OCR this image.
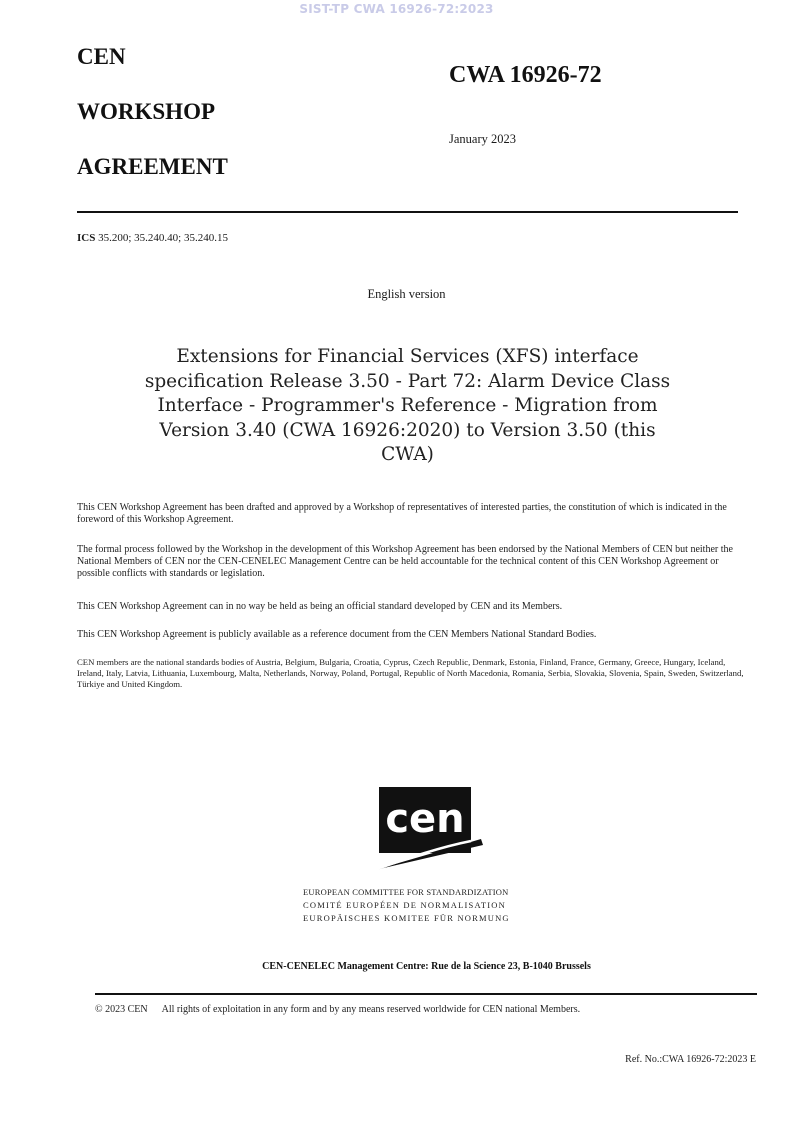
SIST-TP CWA 16926-72:2023
CEN
WORKSHOP
AGREEMENT
CWA 16926-72
January 2023
ICS 35.200; 35.240.40; 35.240.15
English version
Extensions for Financial Services (XFS) interface specification Release 3.50 - Part 72: Alarm Device Class Interface - Programmer's Reference - Migration from Version 3.40 (CWA 16926:2020) to Version 3.50 (this CWA)
This CEN Workshop Agreement has been drafted and approved by a Workshop of representatives of interested parties, the constitution of which is indicated in the foreword of this Workshop Agreement.
The formal process followed by the Workshop in the development of this Workshop Agreement has been endorsed by the National Members of CEN but neither the National Members of CEN nor the CEN-CENELEC Management Centre can be held accountable for the technical content of this CEN Workshop Agreement or possible conflicts with standards or legislation.
This CEN Workshop Agreement can in no way be held as being an official standard developed by CEN and its Members.
This CEN Workshop Agreement is publicly available as a reference document from the CEN Members National Standard Bodies.
CEN members are the national standards bodies of Austria, Belgium, Bulgaria, Croatia, Cyprus, Czech Republic, Denmark, Estonia, Finland, France, Germany, Greece, Hungary, Iceland, Ireland, Italy, Latvia, Lithuania, Luxembourg, Malta, Netherlands, Norway, Poland, Portugal, Republic of North Macedonia, Romania, Serbia, Slovakia, Slovenia, Spain, Sweden, Switzerland, Türkiye and United Kingdom.
cen
EUROPEAN COMMITTEE FOR STANDARDIZATION
COMITÉ EUROPÉEN DE NORMALISATION
EUROPÄISCHES KOMITEE FÜR NORMUNG
CEN-CENELEC Management Centre: Rue de la Science 23, B-1040 Brussels
© 2023 CEN All rights of exploitation in any form and by any means reserved worldwide for CEN national Members.
Ref. No.:CWA 16926-72:2023 E
